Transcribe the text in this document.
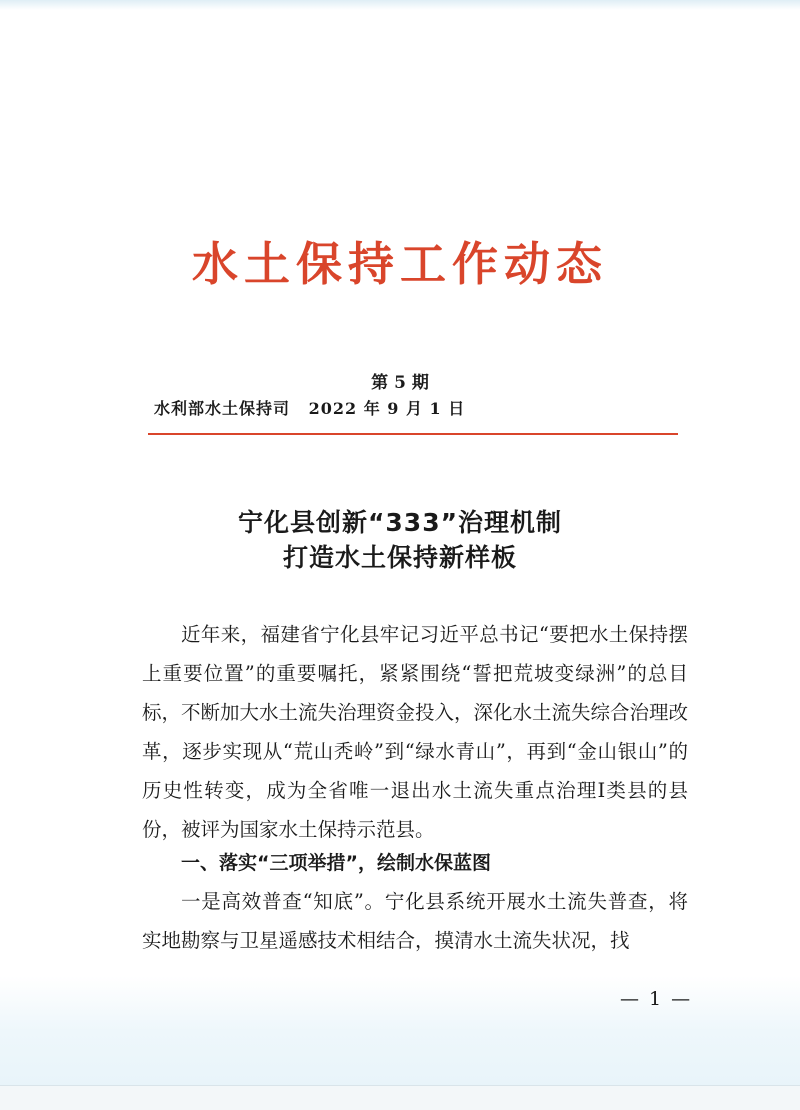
水土保持工作动态
第 5 期
水利部水土保持司 2022 年 9 月 1 日
宁化县创新“333”治理机制
打造水土保持新样板
近年来，福建省宁化县牢记习近平总书记“要把水土保持摆上重要位置”的重要嘱托，紧紧围绕“誓把荒坡变绿洲”的总目标，不断加大水土流失治理资金投入，深化水土流失综合治理改革，逐步实现从“荒山秃岭”到“绿水青山”，再到“金山银山”的历史性转变，成为全省唯一退出水土流失重点治理Ⅰ类县的县份，被评为国家水土保持示范县。
一、落实“三项举措”，绘制水保蓝图
一是高效普查“知底”。宁化县系统开展水土流失普查，将实地勘察与卫星遥感技术相结合，摸清水土流失状况，找
— 1 —
